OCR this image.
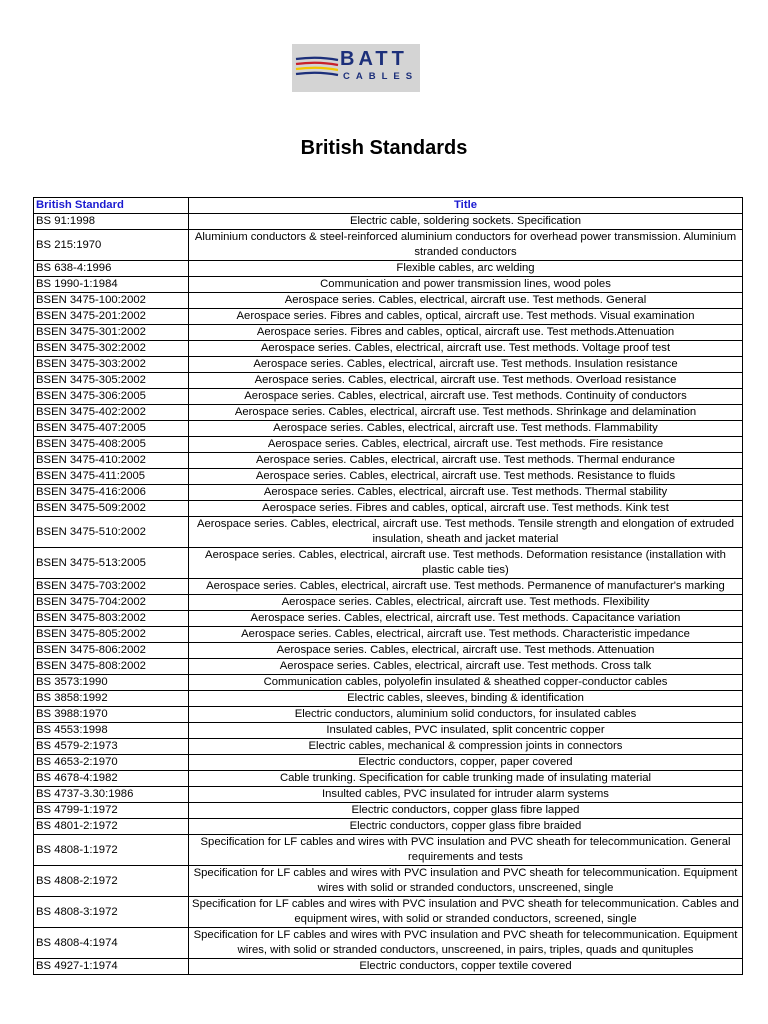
BATT
CABLES
British Standards
British Standard	Title
BS 91:1998	Electric cable, soldering sockets. Specification
BS 215:1970	Aluminium conductors & steel-reinforced aluminium conductors for overhead power transmission. Aluminium stranded conductors
BS 638-4:1996	Flexible cables, arc welding
BS 1990-1:1984	Communication and power transmission lines, wood poles
BSEN 3475-100:2002	Aerospace series. Cables, electrical, aircraft use. Test methods. General
BSEN 3475-201:2002	Aerospace series. Fibres and cables, optical, aircraft use. Test methods. Visual examination
BSEN 3475-301:2002	Aerospace series. Fibres and cables, optical, aircraft use. Test methods.Attenuation
BSEN 3475-302:2002	Aerospace series. Cables, electrical, aircraft use. Test methods. Voltage proof test
BSEN 3475-303:2002	Aerospace series. Cables, electrical, aircraft use. Test methods. Insulation resistance
BSEN 3475-305:2002	Aerospace series. Cables, electrical, aircraft use. Test methods. Overload resistance
BSEN 3475-306:2005	Aerospace series. Cables, electrical, aircraft use. Test methods. Continuity of conductors
BSEN 3475-402:2002	Aerospace series. Cables, electrical, aircraft use. Test methods. Shrinkage and delamination
BSEN 3475-407:2005	Aerospace series. Cables, electrical, aircraft use. Test methods. Flammability
BSEN 3475-408:2005	Aerospace series. Cables, electrical, aircraft use. Test methods. Fire resistance
BSEN 3475-410:2002	Aerospace series. Cables, electrical, aircraft use. Test methods. Thermal endurance
BSEN 3475-411:2005	Aerospace series. Cables, electrical, aircraft use. Test methods. Resistance to fluids
BSEN 3475-416:2006	Aerospace series. Cables, electrical, aircraft use. Test methods. Thermal stability
BSEN 3475-509:2002	Aerospace series. Fibres and cables, optical, aircraft use. Test methods. Kink test
BSEN 3475-510:2002	Aerospace series. Cables, electrical, aircraft use. Test methods. Tensile strength and elongation of extruded insulation, sheath and jacket material
BSEN 3475-513:2005	Aerospace series. Cables, electrical, aircraft use. Test methods. Deformation resistance (installation with plastic cable ties)
BSEN 3475-703:2002	Aerospace series. Cables, electrical, aircraft use. Test methods. Permanence of manufacturer's marking
BSEN 3475-704:2002	Aerospace series. Cables, electrical, aircraft use. Test methods. Flexibility
BSEN 3475-803:2002	Aerospace series. Cables, electrical, aircraft use. Test methods. Capacitance variation
BSEN 3475-805:2002	Aerospace series. Cables, electrical, aircraft use. Test methods. Characteristic impedance
BSEN 3475-806:2002	Aerospace series. Cables, electrical, aircraft use. Test methods. Attenuation
BSEN 3475-808:2002	Aerospace series. Cables, electrical, aircraft use. Test methods. Cross talk
BS 3573:1990	Communication cables, polyolefin insulated & sheathed copper-conductor cables
BS 3858:1992	Electric cables, sleeves, binding & identification
BS 3988:1970	Electric conductors, aluminium solid conductors, for insulated cables
BS 4553:1998	Insulated cables, PVC insulated, split concentric copper
BS 4579-2:1973	Electric cables, mechanical & compression joints in connectors
BS 4653-2:1970	Electric conductors, copper, paper covered
BS 4678-4:1982	Cable trunking. Specification for cable trunking made of insulating material
BS 4737-3.30:1986	Insulted cables, PVC insulated for intruder alarm systems
BS 4799-1:1972	Electric conductors, copper glass fibre lapped
BS 4801-2:1972	Electric conductors, copper glass fibre braided
BS 4808-1:1972	Specification for LF cables and wires with PVC insulation and PVC sheath for telecommunication. General requirements and tests
BS 4808-2:1972	Specification for LF cables and wires with PVC insulation and PVC sheath for telecommunication. Equipment wires with solid or stranded conductors, unscreened, single
BS 4808-3:1972	Specification for LF cables and wires with PVC insulation and PVC sheath for telecommunication. Cables and equipment wires, with solid or stranded conductors, screened, single
BS 4808-4:1974	Specification for LF cables and wires with PVC insulation and PVC sheath for telecommunication. Equipment wires, with solid or stranded conductors, unscreened, in pairs, triples, quads and qunituples
BS 4927-1:1974	Electric conductors, copper textile covered
